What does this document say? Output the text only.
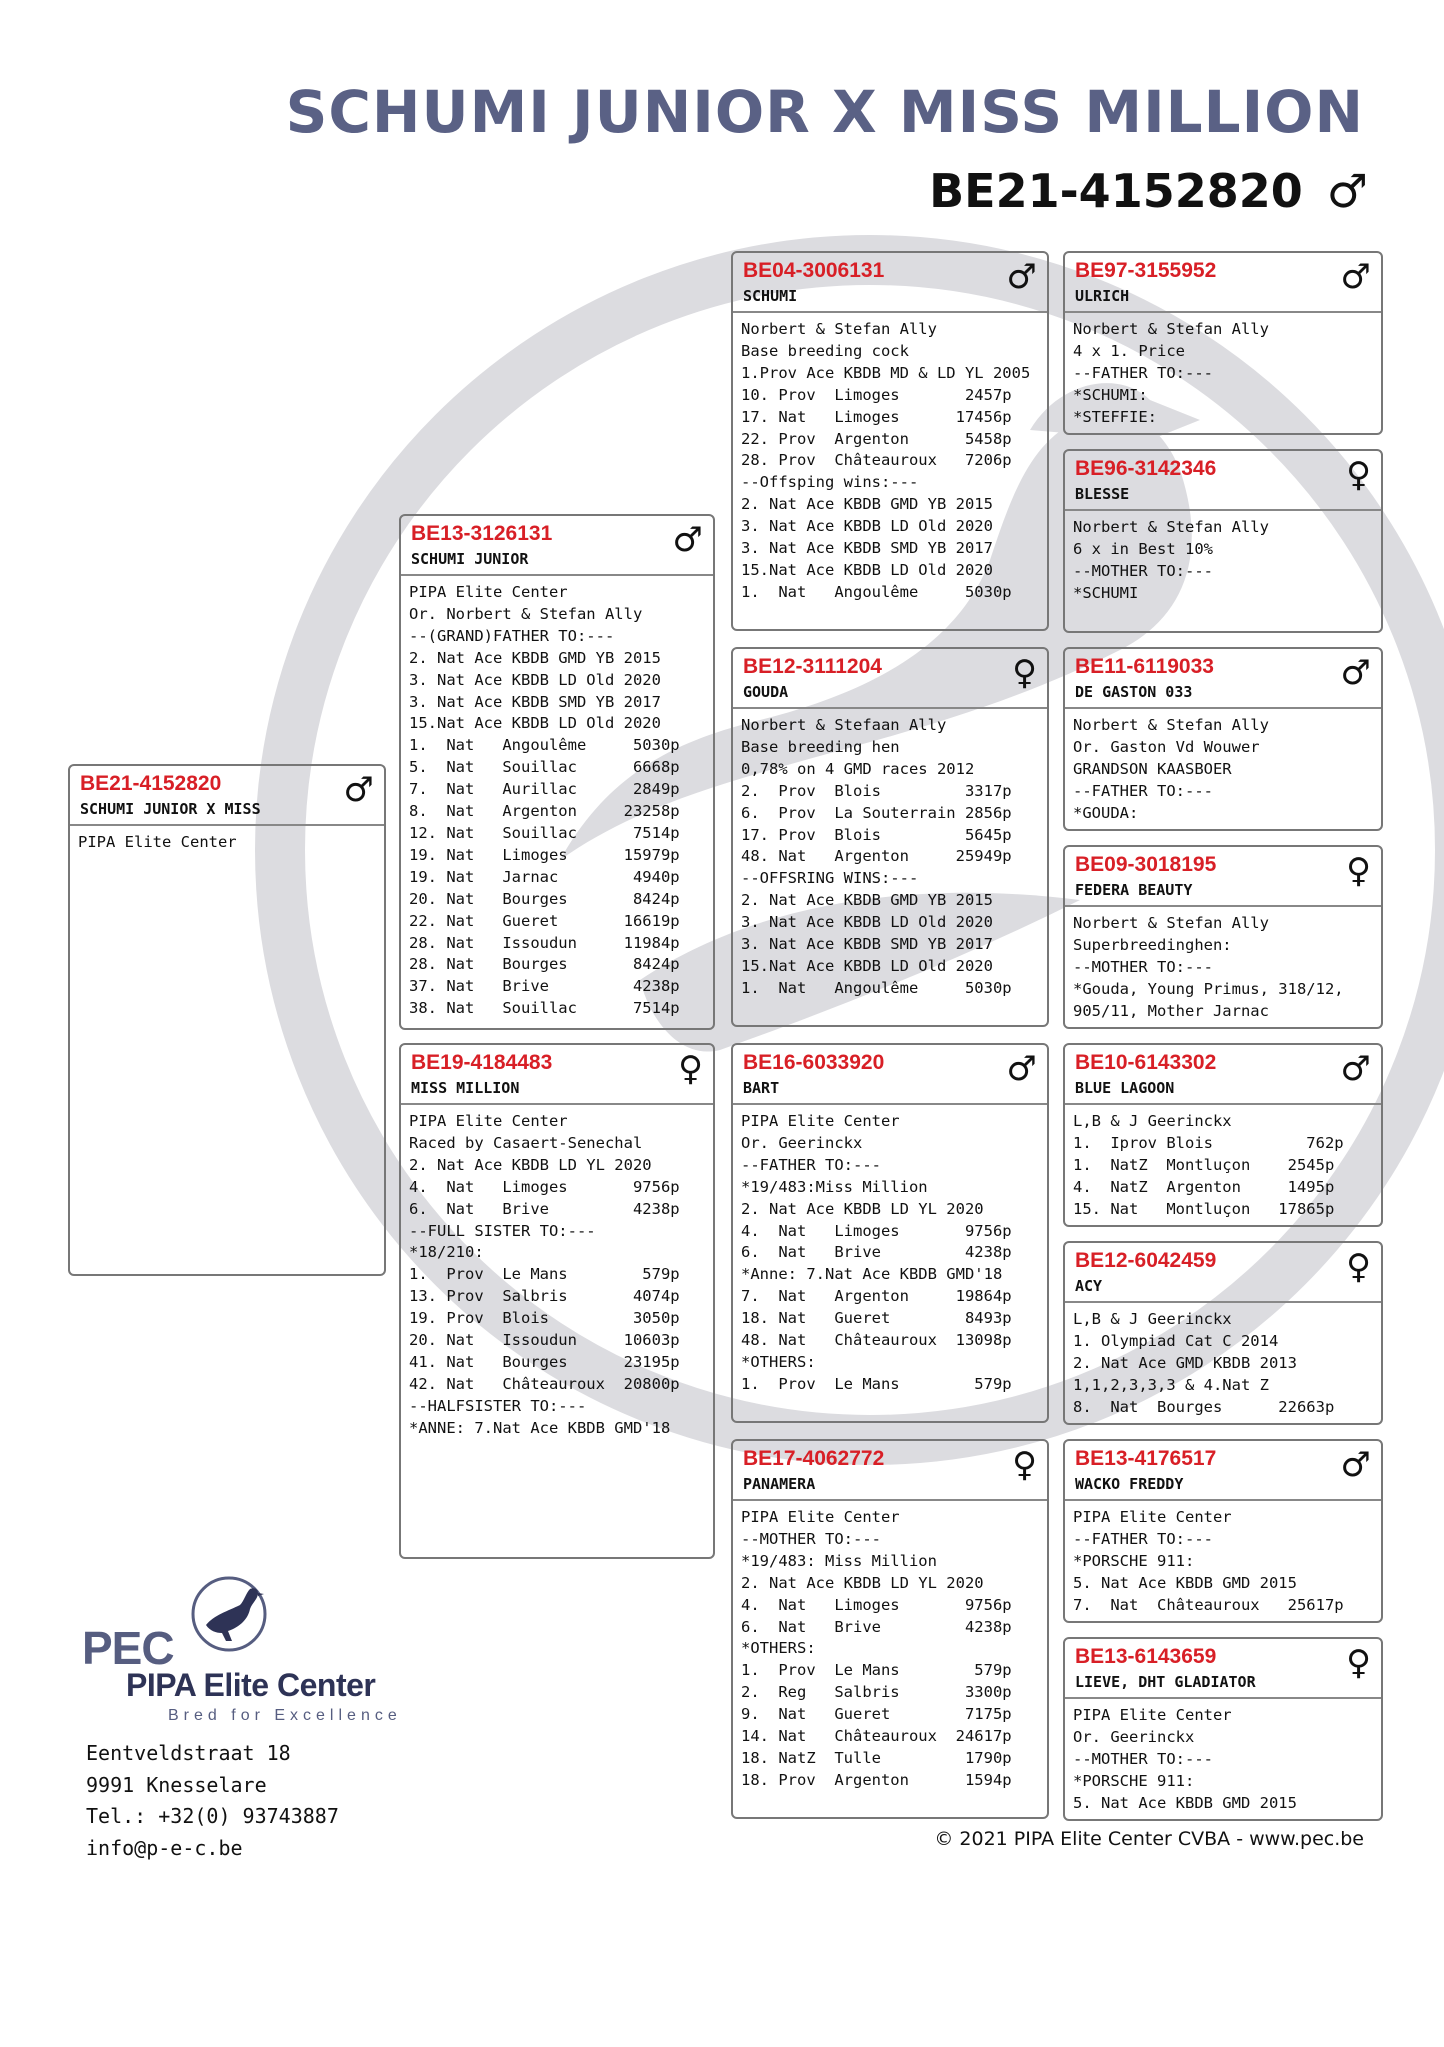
SCHUMI JUNIOR X MISS MILLION
BE21-4152820 ♂
BE21-4152820
SCHUMI JUNIOR X MISS ♂
PIPA Elite Center
BE13-3126131
SCHUMI JUNIOR	♂
PIPA Elite Center
Or. Norbert & Stefan Ally
--(GRAND)FATHER TO:---
2. Nat Ace KBDB GMD YB 2015
3. Nat Ace KBDB LD Old 2020
3. Nat Ace KBDB SMD YB 2017
15.Nat Ace KBDB LD Old 2020
1.  Nat   Angoulême     5030p
5.  Nat   Souillac      6668p
7.  Nat   Aurillac      2849p
8.  Nat   Argenton     23258p
12. Nat   Souillac      7514p
19. Nat   Limoges      15979p
19. Nat   Jarnac        4940p
20. Nat   Bourges       8424p
22. Nat   Gueret       16619p
28. Nat   Issoudun     11984p
28. Nat   Bourges       8424p
37. Nat   Brive         4238p
38. Nat   Souillac      7514p
BE19-4184483
MISS MILLION	♀
PIPA Elite Center
Raced by Casaert-Senechal
2. Nat Ace KBDB LD YL 2020
4.  Nat   Limoges       9756p
6.  Nat   Brive         4238p
--FULL SISTER TO:---
*18/210:
1.  Prov  Le Mans        579p
13. Prov  Salbris       4074p
19. Prov  Blois         3050p
20. Nat   Issoudun     10603p
41. Nat   Bourges      23195p
42. Nat   Châteauroux  20800p
--HALFSISTER TO:---
*ANNE: 7.Nat Ace KBDB GMD'18
BE04-3006131
SCHUMI	♂
Norbert & Stefan Ally
Base breeding cock
1.Prov Ace KBDB MD & LD YL 2005
10. Prov  Limoges       2457p
17. Nat   Limoges      17456p
22. Prov  Argenton      5458p
28. Prov  Châteauroux   7206p
--Offsping wins:---
2. Nat Ace KBDB GMD YB 2015
3. Nat Ace KBDB LD Old 2020
3. Nat Ace KBDB SMD YB 2017
15.Nat Ace KBDB LD Old 2020
1.  Nat   Angoulême     5030p
BE12-3111204
GOUDA	♀
Norbert & Stefaan Ally
Base breeding hen
0,78% on 4 GMD races 2012
2.  Prov  Blois         3317p
6.  Prov  La Souterrain 2856p
17. Prov  Blois         5645p
48. Nat   Argenton     25949p
--OFFSRING WINS:---
2. Nat Ace KBDB GMD YB 2015
3. Nat Ace KBDB LD Old 2020
3. Nat Ace KBDB SMD YB 2017
15.Nat Ace KBDB LD Old 2020
1.  Nat   Angoulême     5030p
BE16-6033920
BART	♂
PIPA Elite Center
Or. Geerinckx
--FATHER TO:---
*19/483:Miss Million
2. Nat Ace KBDB LD YL 2020
4.  Nat   Limoges       9756p
6.  Nat   Brive         4238p
*Anne: 7.Nat Ace KBDB GMD'18
7.  Nat   Argenton     19864p
18. Nat   Gueret        8493p
48. Nat   Châteauroux  13098p
*OTHERS:
1.  Prov  Le Mans        579p
BE17-4062772
PANAMERA	♀
PIPA Elite Center
--MOTHER TO:---
*19/483: Miss Million
2. Nat Ace KBDB LD YL 2020
4.  Nat   Limoges       9756p
6.  Nat   Brive         4238p
*OTHERS:
1.  Prov  Le Mans        579p
2.  Reg   Salbris       3300p
9.  Nat   Gueret        7175p
14. Nat   Châteauroux  24617p
18. NatZ  Tulle         1790p
18. Prov  Argenton      1594p
BE97-3155952
ULRICH	♂
Norbert & Stefan Ally
4 x 1. Price
--FATHER TO:---
*SCHUMI:
*STEFFIE:
BE96-3142346
BLESSE	♀
Norbert & Stefan Ally
6 x in Best 10%
--MOTHER TO:---
*SCHUMI
BE11-6119033
DE GASTON 033	♂
Norbert & Stefan Ally
Or. Gaston Vd Wouwer
GRANDSON KAASBOER
--FATHER TO:---
*GOUDA:
BE09-3018195
FEDERA BEAUTY	♀
Norbert & Stefan Ally
Superbreedinghen:
--MOTHER TO:---
*Gouda, Young Primus, 318/12,
905/11, Mother Jarnac
BE10-6143302
BLUE LAGOON	♂
L,B & J Geerinckx
1.  Iprov Blois          762p
1.  NatZ  Montluçon    2545p
4.  NatZ  Argenton     1495p
15. Nat   Montluçon   17865p
BE12-6042459
ACY	♀
L,B & J Geerinckx
1. Olympiad Cat C 2014
2. Nat Ace GMD KBDB 2013
1,1,2,3,3,3 & 4.Nat Z
8.  Nat  Bourges      22663p
BE13-4176517
WACKO FREDDY	♂
PIPA Elite Center
--FATHER TO:---
*PORSCHE 911:
5. Nat Ace KBDB GMD 2015
7.  Nat  Châteauroux   25617p
BE13-6143659
LIEVE, DHT GLADIATOR	♀
PIPA Elite Center
Or. Geerinckx
--MOTHER TO:---
*PORSCHE 911:
5. Nat Ace KBDB GMD 2015
PEC
PIPA Elite Center
Bred for Excellence
Eentveldstraat 18
9991 Knesselare
Tel.: +32(0) 93743887
info@p-e-c.be	© 2021 PIPA Elite Center CVBA - www.pec.be
